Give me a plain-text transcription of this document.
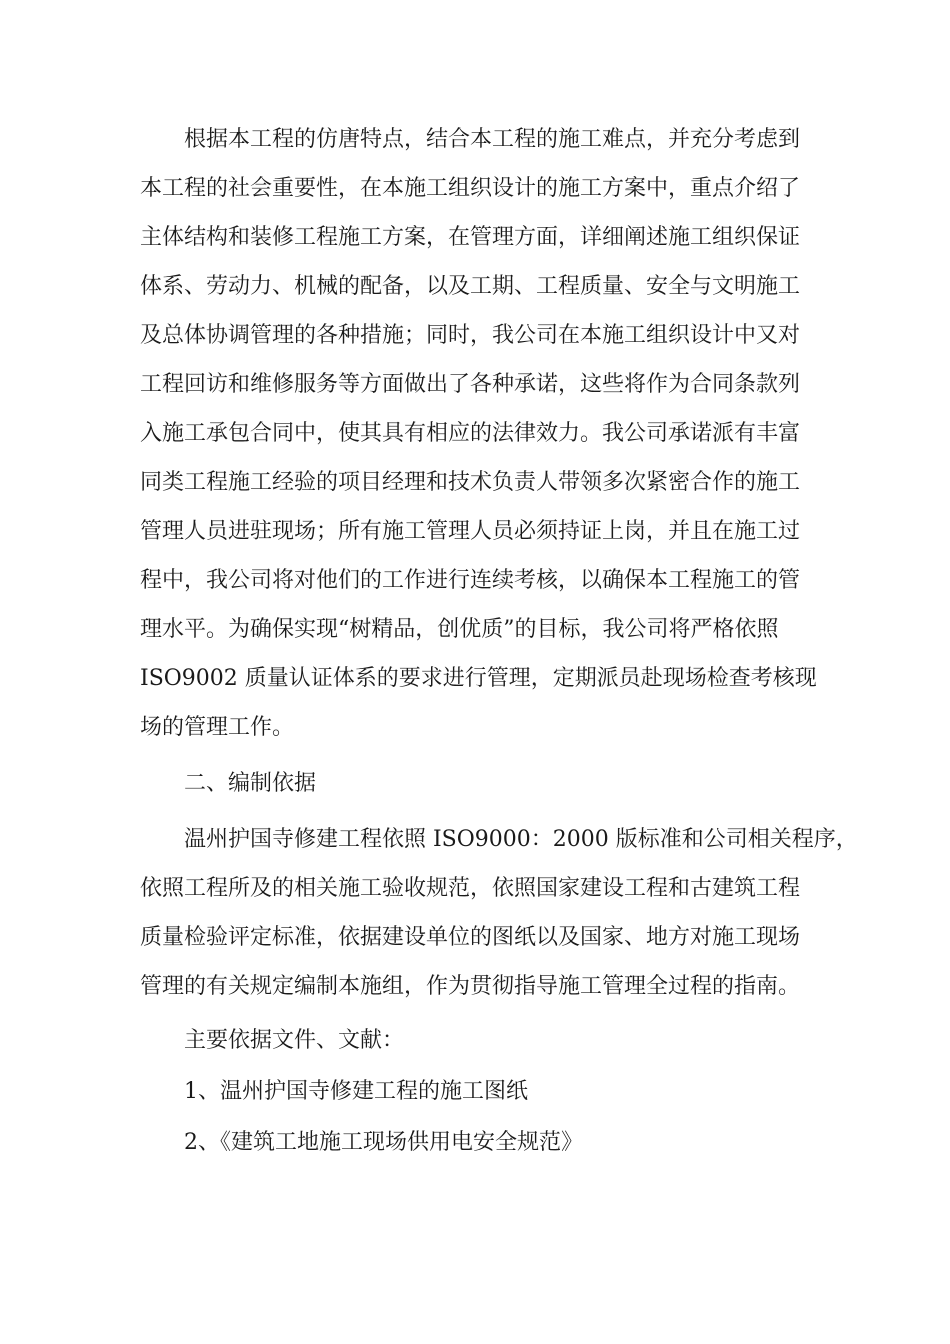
根据本工程的仿唐特点，结合本工程的施工难点，并充分考虑到
本工程的社会重要性，在本施工组织设计的施工方案中，重点介绍了
主体结构和装修工程施工方案，在管理方面，详细阐述施工组织保证
体系、劳动力、机械的配备，以及工期、工程质量、安全与文明施工
及总体协调管理的各种措施；同时，我公司在本施工组织设计中又对
工程回访和维修服务等方面做出了各种承诺，这些将作为合同条款列
入施工承包合同中，使其具有相应的法律效力。我公司承诺派有丰富
同类工程施工经验的项目经理和技术负责人带领多次紧密合作的施工
管理人员进驻现场；所有施工管理人员必须持证上岗，并且在施工过
程中，我公司将对他们的工作进行连续考核，以确保本工程施工的管
理水平。为确保实现“树精品，创优质”的目标，我公司将严格依照
ISO9002 质量认证体系的要求进行管理，定期派员赴现场检查考核现
场的管理工作。
二、编制依据
温州护国寺修建工程依照 ISO9000：2000 版标准和公司相关程序，
依照工程所及的相关施工验收规范，依照国家建设工程和古建筑工程
质量检验评定标准，依据建设单位的图纸以及国家、地方对施工现场
管理的有关规定编制本施组，作为贯彻指导施工管理全过程的指南。
主要依据文件、文献：
1、温州护国寺修建工程的施工图纸
2、《建筑工地施工现场供用电安全规范》
